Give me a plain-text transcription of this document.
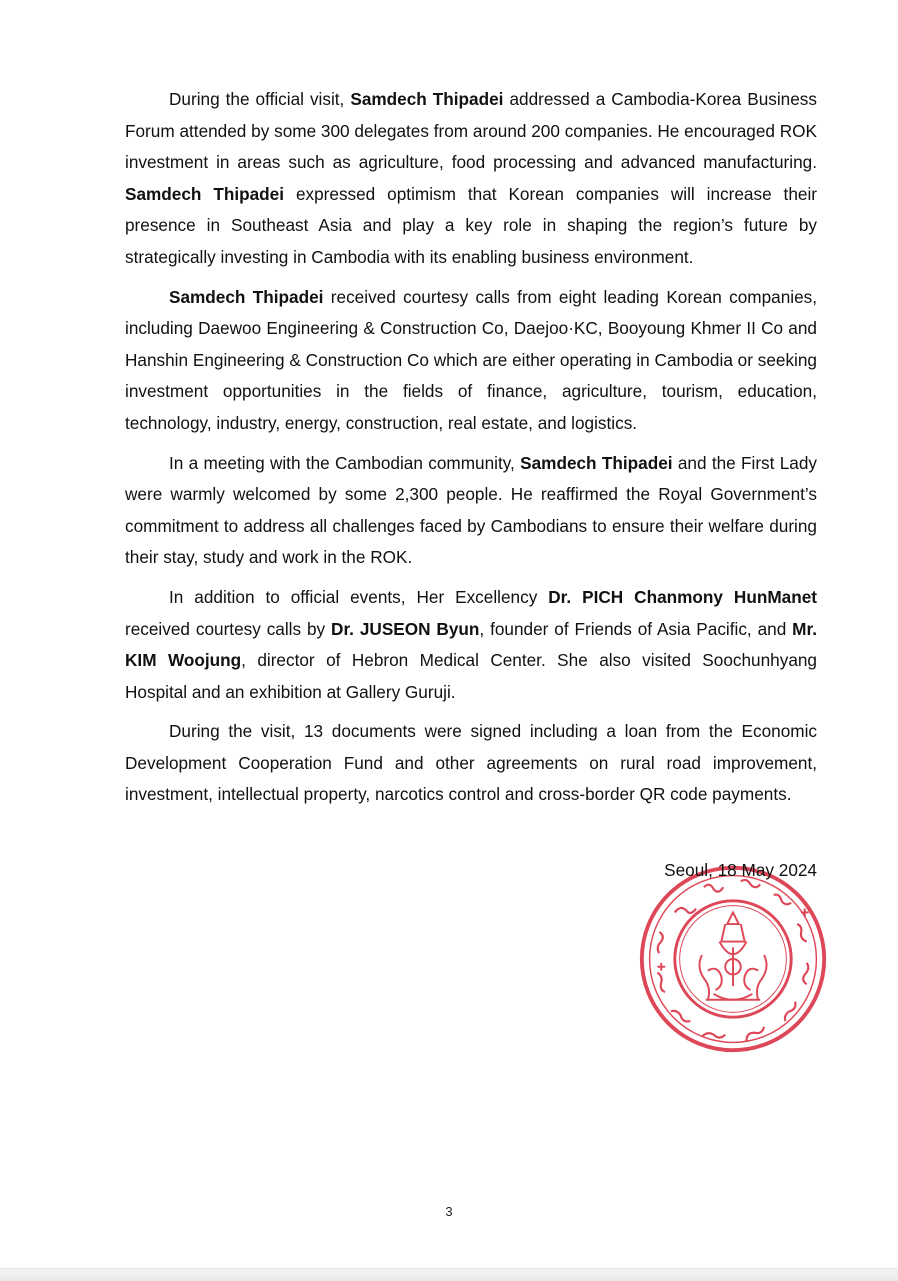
During the official visit, Samdech Thipadei addressed a Cambodia-Korea Business Forum attended by some 300 delegates from around 200 companies. He encouraged ROK investment in areas such as agriculture, food processing and advanced manufacturing. Samdech Thipadei expressed optimism that Korean companies will increase their presence in Southeast Asia and play a key role in shaping the region’s future by strategically investing in Cambodia with its enabling business environment.

Samdech Thipadei received courtesy calls from eight leading Korean companies, including Daewoo Engineering & Construction Co, Daejoo·KC, Booyoung Khmer II Co and Hanshin Engineering & Construction Co which are either operating in Cambodia or seeking investment opportunities in the fields of finance, agriculture, tourism, education, technology, industry, energy, construction, real estate, and logistics.

In a meeting with the Cambodian community, Samdech Thipadei and the First Lady were warmly welcomed by some 2,300 people. He reaffirmed the Royal Government’s commitment to address all challenges faced by Cambodians to ensure their welfare during their stay, study and work in the ROK.

In addition to official events, Her Excellency Dr. PICH Chanmony HunManet received courtesy calls by Dr. JUSEON Byun, founder of Friends of Asia Pacific, and Mr. KIM Woojung, director of Hebron Medical Center. She also visited Soochunhyang Hospital and an exhibition at Gallery Guruji.

During the visit, 13 documents were signed including a loan from the Economic Development Cooperation Fund and other agreements on rural road improvement, investment, intellectual property, narcotics control and cross-border QR code payments.

Seoul, 18 May 2024
3
